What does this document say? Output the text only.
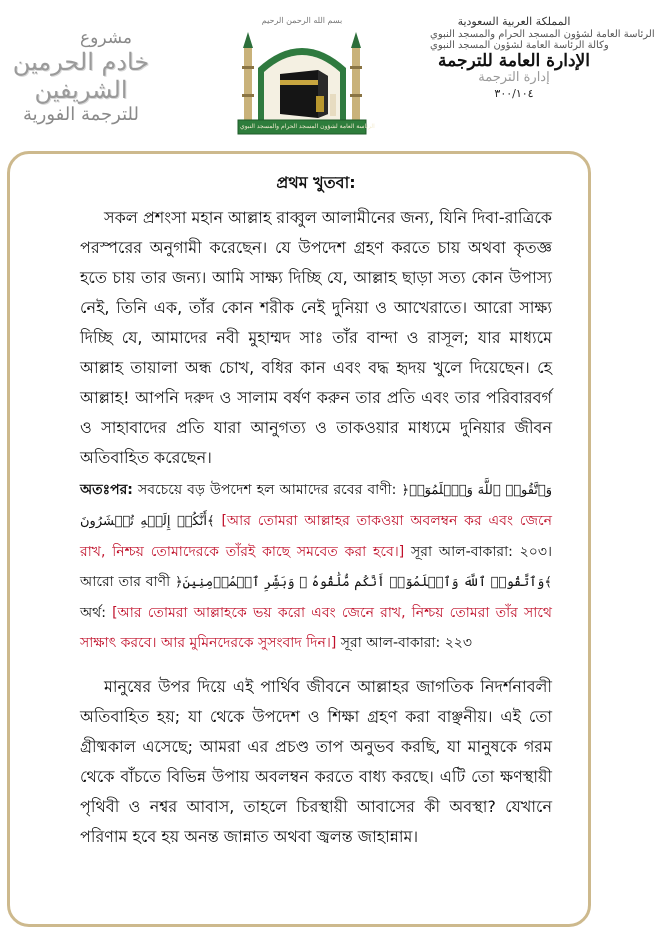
مشروع
خادم الحرمين الشريفين
للترجمة الفورية
بسم الله الرحمن الرحيم
الرئاسة العامة لشؤون المسجد الحرام والمسجد النبوي
المملكة العربية السعودية
الرئاسة العامة لشؤون المسجد الحرام والمسجد النبوي
وكالة الرئاسة العامة لشؤون المسجد النبوي
الإدارة العامة للترجمة
إدارة الترجمة
٣٠٠/١٠٤

প্রথম খুতবা:

সকল প্রশংসা মহান আল্লাহ রাব্বুল আলামীনের জন্য, যিনি দিবা-রাত্রিকে পরস্পরের অনুগামী করেছেন। যে উপদেশ গ্রহণ করতে চায় অথবা কৃতজ্ঞ হতে চায় তার জন্য। আমি সাক্ষ্য দিচ্ছি যে, আল্লাহ ছাড়া সত্য কোন উপাস্য নেই, তিনি এক, তাঁর কোন শরীক নেই দুনিয়া ও আখেরাতে। আরো সাক্ষ্য দিচ্ছি যে, আমাদের নবী মুহাম্মদ সাঃ তাঁর বান্দা ও রাসূল; যার মাধ্যমে আল্লাহ তায়ালা অন্ধ চোখ, বধির কান এবং বদ্ধ হৃদয় খুলে দিয়েছেন। হে আল্লাহ! আপনি দরুদ ও সালাম বর্ষণ করুন তার প্রতি এবং তার পরিবারবর্গ ও সাহাবাদের প্রতি যারা আনুগত্য ও তাকওয়ার মাধ্যমে দুনিয়ার জীবন অতিবাহিত করেছেন।

অতঃপর: সবচেয়ে বড় উপদেশ হল আমাদের রবের বাণী: ﴿وَٱتَّقُوا۟ ٱللَّهَ وَٱعۡلَمُوٓا۟ أَنَّكُمۡ إِلَيۡهِ تُحۡشَرُونَ﴾ [আর তোমরা আল্লাহর তাকওয়া অবলম্বন কর এবং জেনে রাখ, নিশ্চয় তোমাদেরকে তাঁরই কাছে সমবেত করা হবে।] সূরা আল-বাকারা: ২০৩। আরো তার বাণী ﴿وَٱتَّقُوا۟ ٱللَّهَ وَٱعۡلَمُوٓا۟ أَنَّكُم مُّلَٰقُوهُ ۗ وَبَشِّرِ ٱلۡمُؤۡمِنِينَ﴾ অর্থ: [আর তোমরা আল্লাহকে ভয় করো এবং জেনে রাখ, নিশ্চয় তোমরা তাঁর সাথে সাক্ষাৎ করবে। আর মুমিনদেরকে সুসংবাদ দিন।] সূরা আল-বাকারা: ২২৩

মানুষের উপর দিয়ে এই পার্থিব জীবনে আল্লাহর জাগতিক নিদর্শনাবলী অতিবাহিত হয়; যা থেকে উপদেশ ও শিক্ষা গ্রহণ করা বাঞ্ছনীয়। এই তো গ্রীষ্মকাল এসেছে; আমরা এর প্রচণ্ড তাপ অনুভব করছি, যা মানুষকে গরম থেকে বাঁচতে বিভিন্ন উপায় অবলম্বন করতে বাধ্য করছে। এটি তো ক্ষণস্থায়ী পৃথিবী ও নশ্বর আবাস, তাহলে চিরস্থায়ী আবাসের কী অবস্থা? যেখানে পরিণাম হবে হয় অনন্ত জান্নাত অথবা জ্বলন্ত জাহান্নাম।
